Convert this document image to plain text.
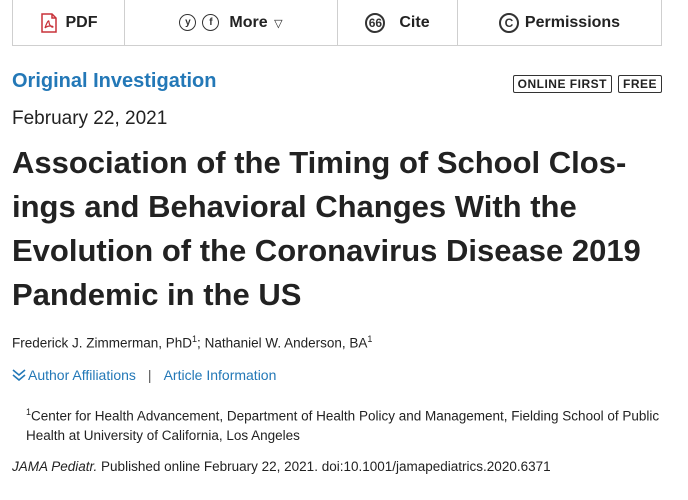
PDF	y	f	More ▽	66 Cite	C Permissions
Original Investigation	ONLINE FIRST	FREE
February 22, 2021
Association of the Timing of School Clos-ings and Behavioral Changes With the Evolution of the Coronavirus Disease 2019 Pandemic in the US
Frederick J. Zimmerman, PhD$^1$; Nathaniel W. Anderson, $BA^1$
Author Affiliations | Article Information
$^1$Center for Health Advancement, Department of Health Policy and Management, Fielding School of Public Health at University of California, Los Angeles
JAMA Pediatr. Published online February 22, 2021. doi:10.1001/jamapediatrics.2020.6371
